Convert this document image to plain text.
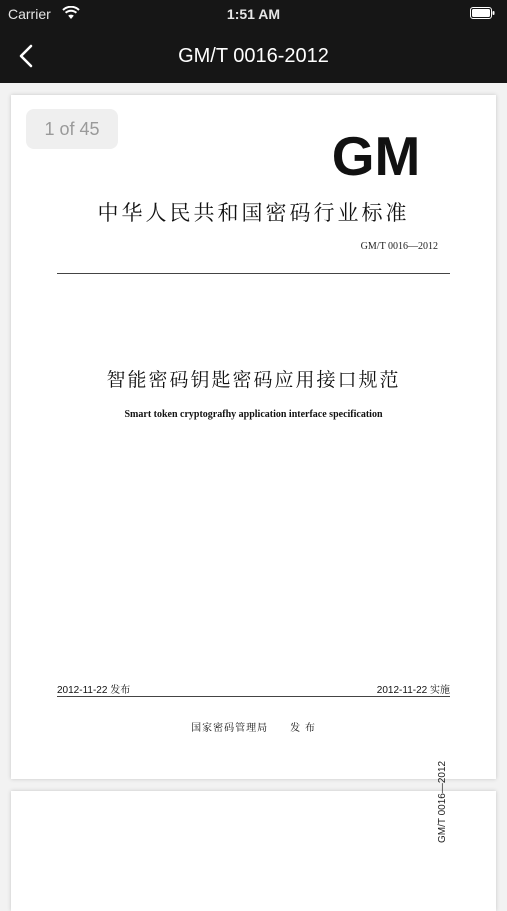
Carrier	1:51 AM
GM/T 0016-2012
1 of 45	GM
中华人民共和国密码行业标准
GM/T 0016—2012
智能密码钥匙密码应用接口规范
Smart token cryptografhy application interface specification
2012-11-22 发布	2012-11-22 实施
国家密码管理局　　发 布
GM/T 0016—2012
